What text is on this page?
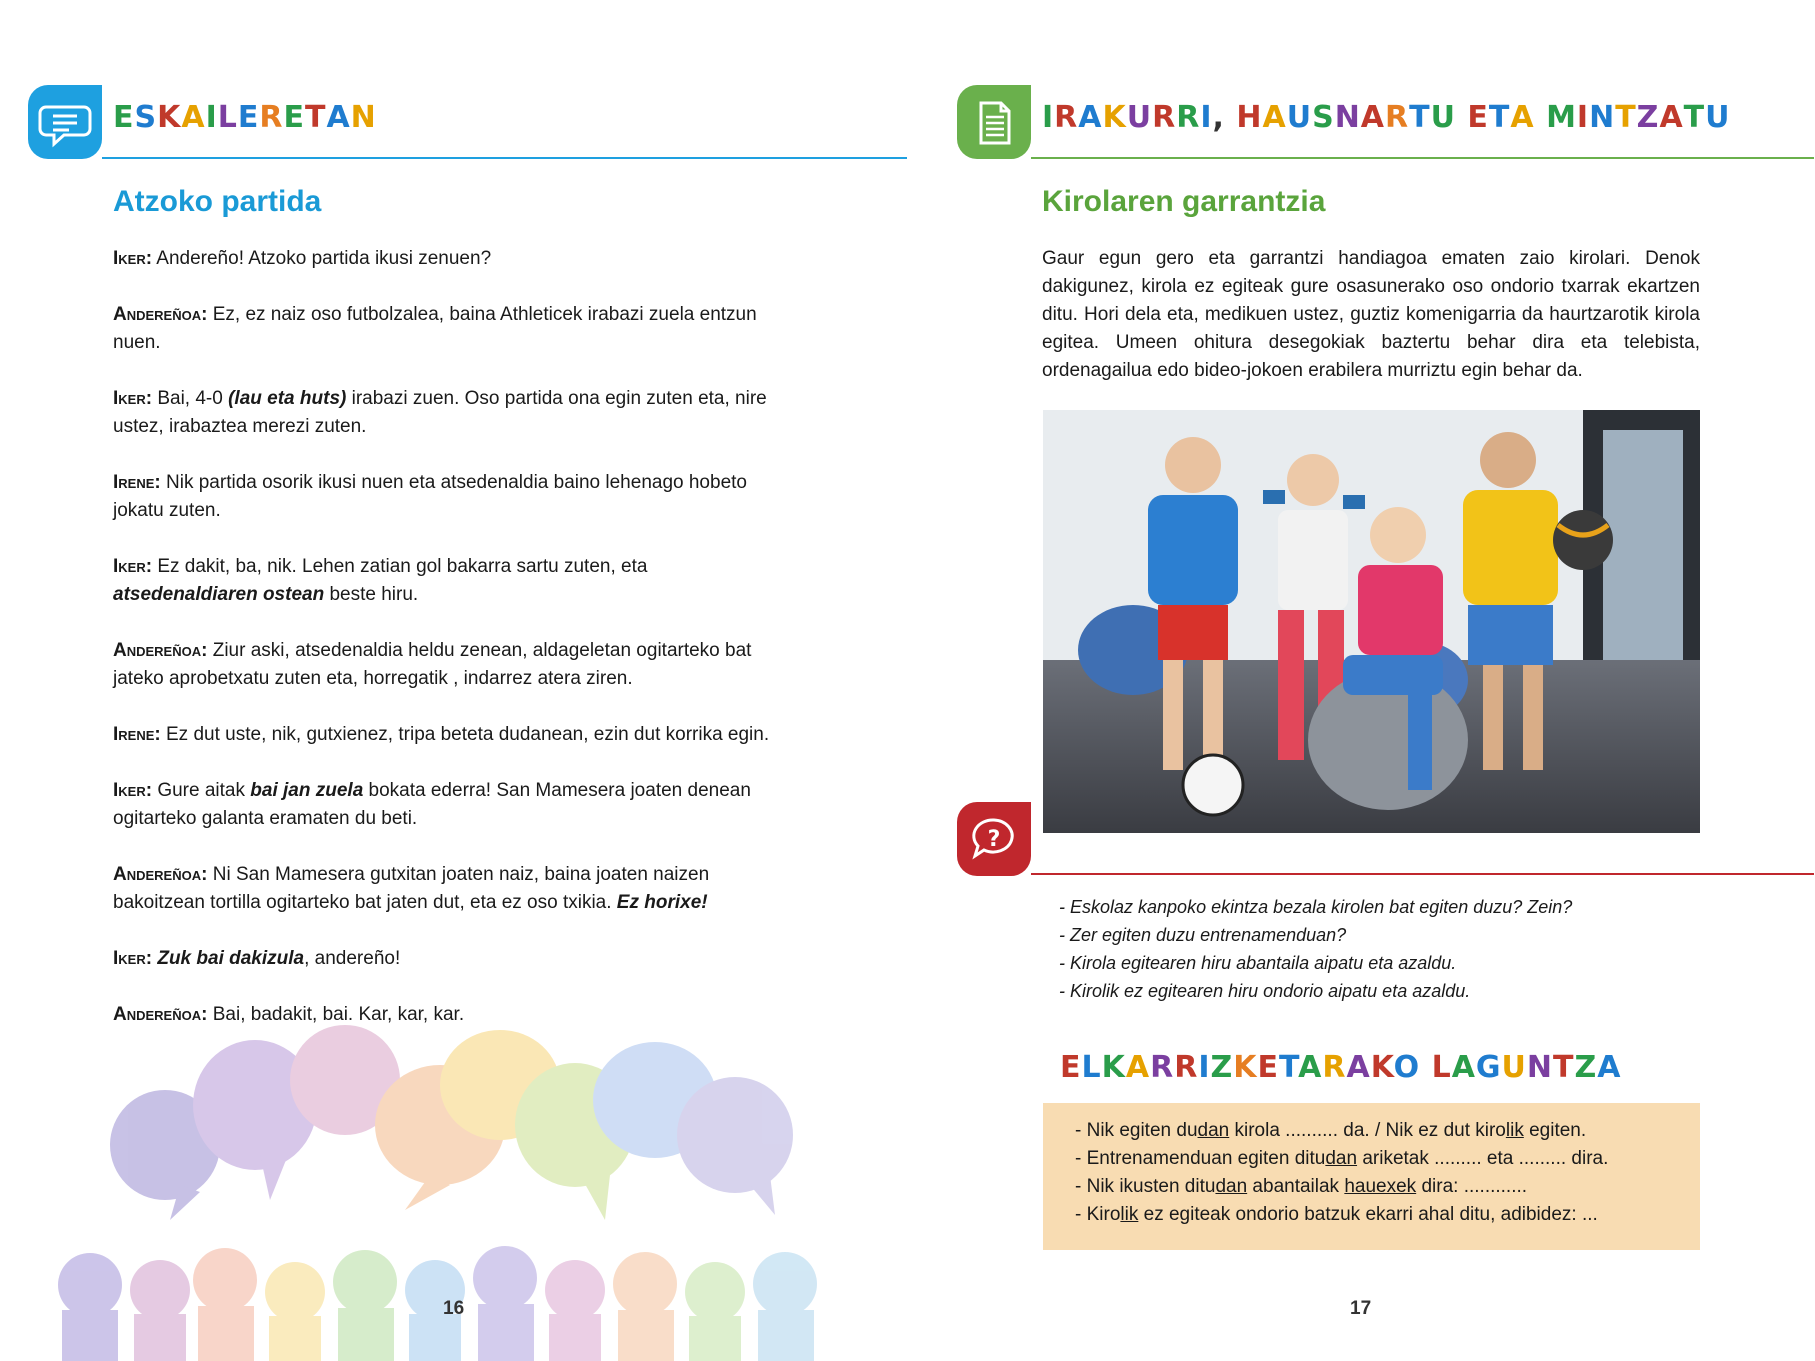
ESKAILERETAN
Atzoko partida
Iker: Andereño! Atzoko partida ikusi zenuen?
Andereñoa: Ez, ez naiz oso futbolzalea, baina Athleticek irabazi zuela entzun nuen.
Iker: Bai, 4-0 (lau eta huts) irabazi zuen. Oso partida ona egin zuten eta, nire ustez, irabaztea merezi zuten.
Irene: Nik partida osorik ikusi nuen eta atsedenaldia baino lehenago hobeto jokatu zuten.
Iker: Ez dakit, ba, nik. Lehen zatian gol bakarra sartu zuten, eta atsedenaldiaren ostean beste hiru.
Andereñoa: Ziur aski, atsedenaldia heldu zenean, aldageletan ogitarteko bat jateko aprobetxatu zuten eta, horregatik , indarrez atera ziren.
Irene: Ez dut uste, nik, gutxienez, tripa beteta dudanean, ezin dut korrika egin.
Iker: Gure aitak bai jan zuela bokata ederra! San Mamesera joaten denean ogitarteko galanta eramaten du beti.
Andereñoa: Ni San Mamesera gutxitan joaten naiz, baina joaten naizen bakoitzean tortilla ogitarteko bat jaten dut, eta ez oso txikia. Ez horixe!
Iker: Zuk bai dakizula, andereño!
Andereñoa: Bai, badakit, bai. Kar, kar, kar.
16
IRAKURRI, HAUSNARTU ETA MINTZATU
Kirolaren garrantzia
Gaur egun gero eta garrantzi handiagoa ematen zaio kirolari. Denok dakigunez, kirola ez egiteak gure osasunerako oso ondorio txarrak ekartzen ditu. Hori dela eta, medikuen ustez, guztiz komenigarria da haurtzarotik kirola egitea. Umeen ohitura desegokiak baztertu behar dira eta telebista, ordenagailua edo bideo-jokoen erabilera murriztu egin behar da.
?
- Eskolaz kanpoko ekintza bezala kirolen bat egiten duzu? Zein?
- Zer egiten duzu entrenamenduan?
- Kirola egitearen hiru abantaila aipatu eta azaldu.
- Kirolik ez egitearen hiru ondorio aipatu eta azaldu.
ELKARRIZKETARAKO LAGUNTZA
- Nik egiten dudan kirola .......... da. / Nik ez dut kirolik egiten.
- Entrenamenduan egiten ditudan ariketak ......... eta ......... dira.
- Nik ikusten ditudan abantailak hauexek dira: ............
- Kirolik ez egiteak ondorio batzuk ekarri ahal ditu, adibidez: ...
17
